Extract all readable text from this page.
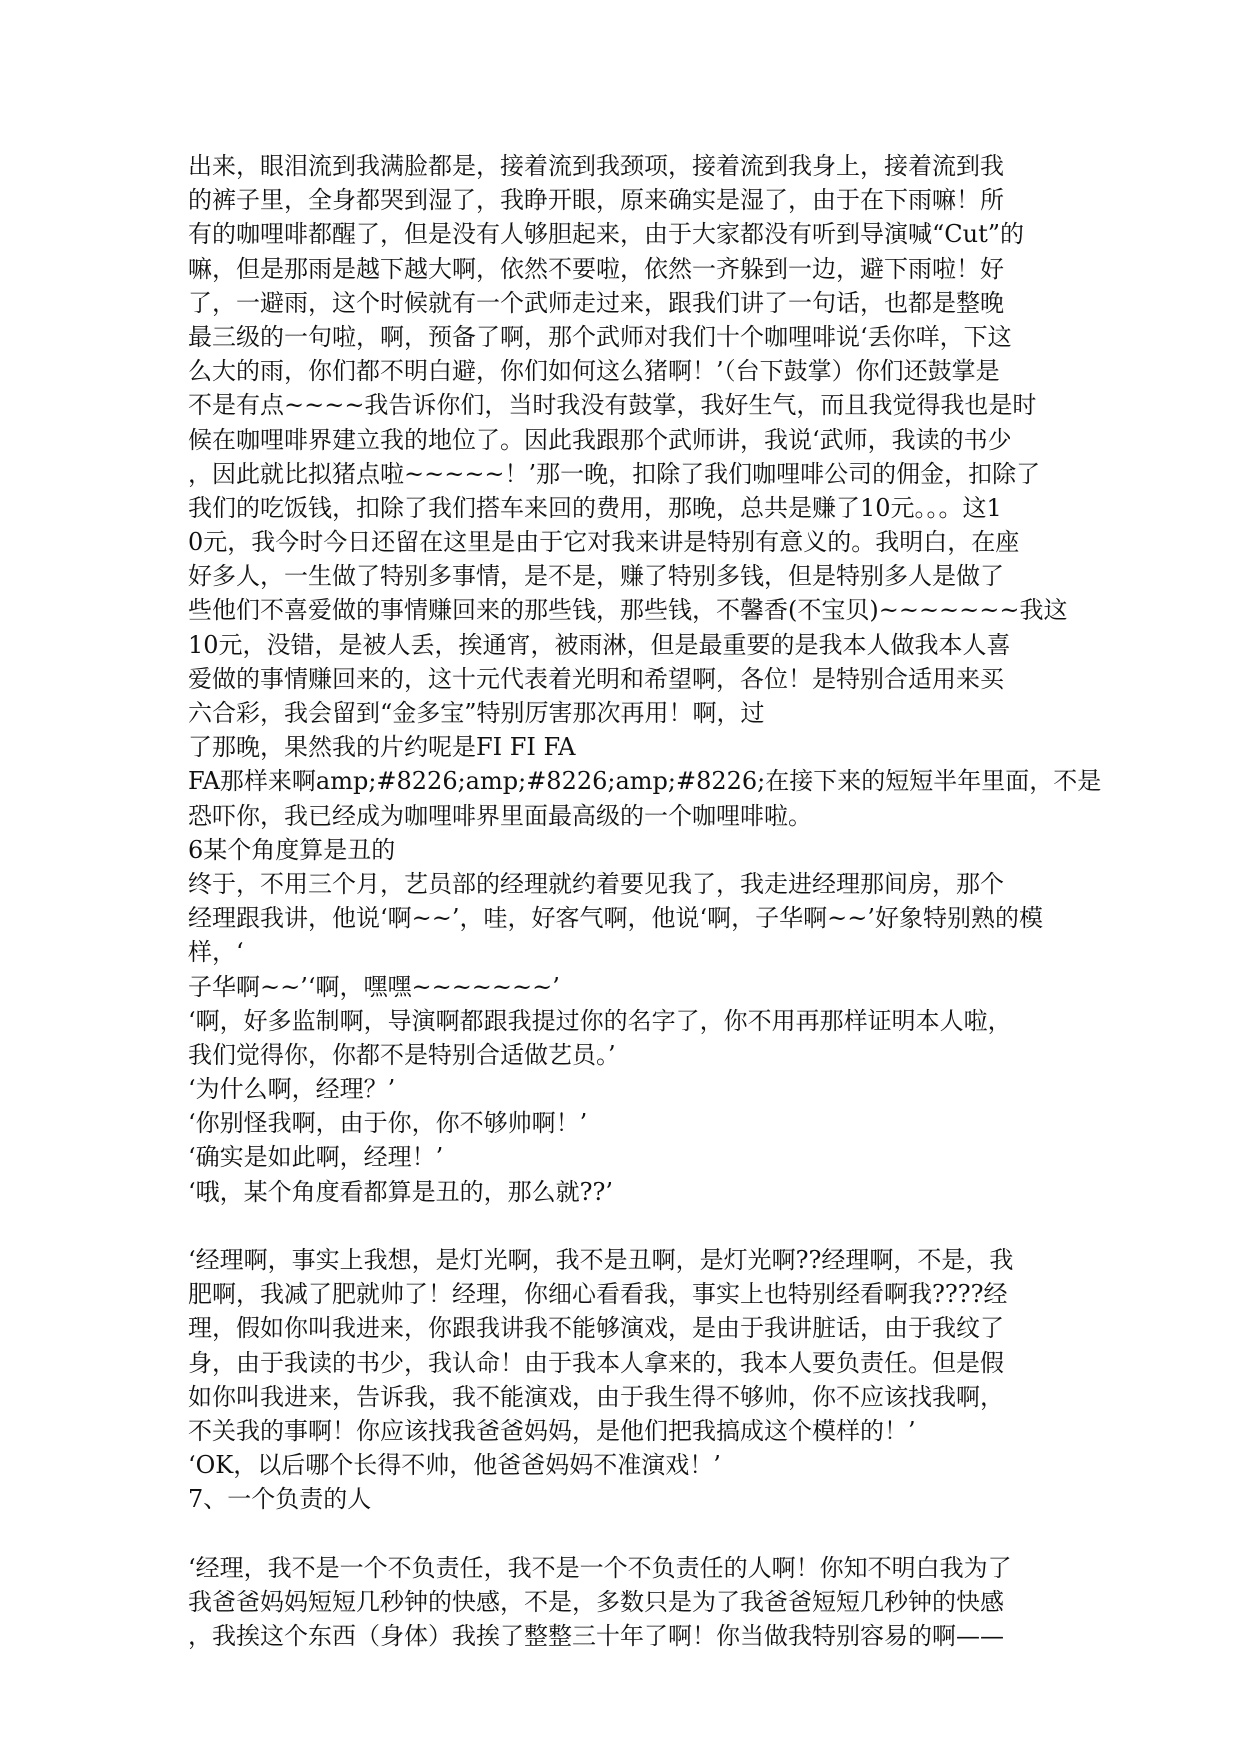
出来，眼泪流到我满脸都是，接着流到我颈项，接着流到我身上，接着流到我
的裤子里，全身都哭到湿了，我睁开眼，原来确实是湿了，由于在下雨嘛！所
有的咖哩啡都醒了，但是没有人够胆起来，由于大家都没有听到导演喊“Cut”的
嘛，但是那雨是越下越大啊，依然不要啦，依然一齐躲到一边，避下雨啦！好
了，一避雨，这个时候就有一个武师走过来，跟我们讲了一句话，也都是整晚
最三级的一句啦，啊，预备了啊，那个武师对我们十个咖哩啡说‘丢你咩，下这
么大的雨，你们都不明白避，你们如何这么猪啊！’（台下鼓掌）你们还鼓掌是
不是有点~~~~我告诉你们，当时我没有鼓掌，我好生气，而且我觉得我也是时
候在咖哩啡界建立我的地位了。因此我跟那个武师讲，我说‘武师，我读的书少
，因此就比拟猪点啦~~~~~！’那一晚，扣除了我们咖哩啡公司的佣金，扣除了
我们的吃饭钱，扣除了我们搭车来回的费用，那晚，总共是赚了10元。。。这1
0元，我今时今日还留在这里是由于它对我来讲是特别有意义的。我明白，在座
好多人，一生做了特别多事情，是不是，赚了特别多钱，但是特别多人是做了
些他们不喜爱做的事情赚回来的那些钱，那些钱，不馨香(不宝贝)~~~~~~~我这
10元，没错，是被人丢，挨通宵，被雨淋，但是最重要的是我本人做我本人喜
爱做的事情赚回来的，这十元代表着光明和希望啊，各位！是特别合适用来买
六合彩，我会留到“金多宝”特别厉害那次再用！啊，过
了那晚，果然我的片约呢是FI FI FA
FA那样来啊amp;#8226;amp;#8226;amp;#8226;在接下来的短短半年里面，不是
恐吓你，我已经成为咖哩啡界里面最高级的一个咖哩啡啦。
6某个角度算是丑的
终于，不用三个月，艺员部的经理就约着要见我了，我走进经理那间房，那个
经理跟我讲，他说‘啊~~’，哇，好客气啊，他说‘啊，子华啊~~’好象特别熟的模
样，‘
子华啊~~’‘啊，嘿嘿~~~~~~~’
‘啊，好多监制啊，导演啊都跟我提过你的名字了，你不用再那样证明本人啦，
我们觉得你，你都不是特别合适做艺员。’
‘为什么啊，经理？’
‘你别怪我啊，由于你，你不够帅啊！’
‘确实是如此啊，经理！’
‘哦，某个角度看都算是丑的，那么就??’
‘经理啊，事实上我想，是灯光啊，我不是丑啊，是灯光啊??经理啊，不是，我
肥啊，我减了肥就帅了！经理，你细心看看我，事实上也特别经看啊我????经
理，假如你叫我进来，你跟我讲我不能够演戏，是由于我讲脏话，由于我纹了
身，由于我读的书少，我认命！由于我本人拿来的，我本人要负责任。但是假
如你叫我进来，告诉我，我不能演戏，由于我生得不够帅，你不应该找我啊，
不关我的事啊！你应该找我爸爸妈妈，是他们把我搞成这个模样的！’
‘OK，以后哪个长得不帅，他爸爸妈妈不准演戏！’
7、一个负责的人
‘经理，我不是一个不负责任，我不是一个不负责任的人啊！你知不明白我为了
我爸爸妈妈短短几秒钟的快感，不是，多数只是为了我爸爸短短几秒钟的快感
，我挨这个东西（身体）我挨了整整三十年了啊！你当做我特别容易的啊——
